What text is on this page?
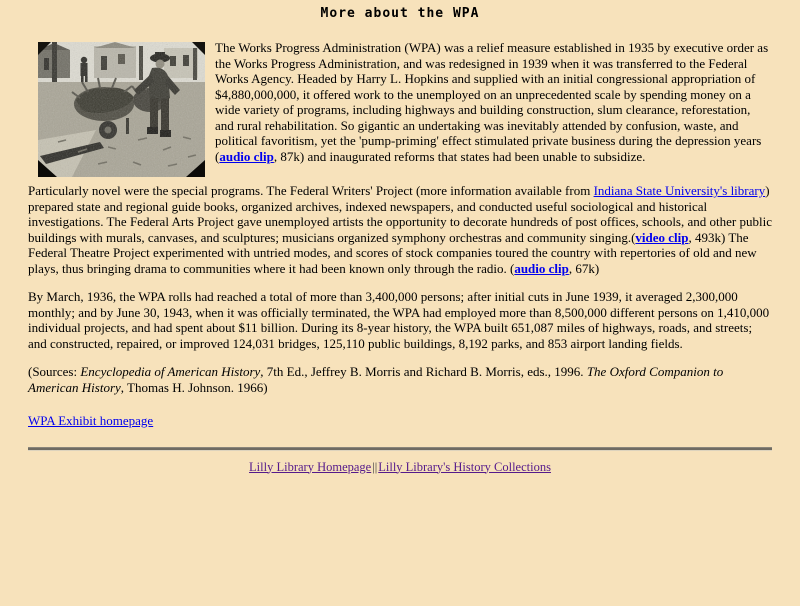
More about the WPA

The Works Progress Administration (WPA) was a relief measure established in 1935 by executive order as the Works Progress Administration, and was redesigned in 1939 when it was transferred to the Federal Works Agency. Headed by Harry L. Hopkins and supplied with an initial congressional appropriation of $4,880,000,000, it offered work to the unemployed on an unprecedented scale by spending money on a wide variety of programs, including highways and building construction, slum clearance, reforestation, and rural rehabilitation. So gigantic an undertaking was inevitably attended by confusion, waste, and political favoritism, yet the 'pump-priming' effect stimulated private business during the depression years (audio clip, 87k) and inaugurated reforms that states had been unable to subsidize.

Particularly novel were the special programs. The Federal Writers' Project (more information available from Indiana State University's library) prepared state and regional guide books, organized archives, indexed newspapers, and conducted useful sociological and historical investigations. The Federal Arts Project gave unemployed artists the opportunity to decorate hundreds of post offices, schools, and other public buildings with murals, canvases, and sculptures; musicians organized symphony orchestras and community singing.(video clip, 493k) The Federal Theatre Project experimented with untried modes, and scores of stock companies toured the country with repertories of old and new plays, thus bringing drama to communities where it had been known only through the radio. (audio clip, 67k)

By March, 1936, the WPA rolls had reached a total of more than 3,400,000 persons; after initial cuts in June 1939, it averaged 2,300,000 monthly; and by June 30, 1943, when it was officially terminated, the WPA had employed more than 8,500,000 different persons on 1,410,000 individual projects, and had spent about $11 billion. During its 8-year history, the WPA built 651,087 miles of highways, roads, and streets; and constructed, repaired, or improved 124,031 bridges, 125,110 public buildings, 8,192 parks, and 853 airport landing fields.

(Sources: Encyclopedia of American History, 7th Ed., Jeffrey B. Morris and Richard B. Morris, eds., 1996. The Oxford Companion to American History, Thomas H. Johnson. 1966)

WPA Exhibit homepage

Lilly Library Homepage||Lilly Library's History Collections
